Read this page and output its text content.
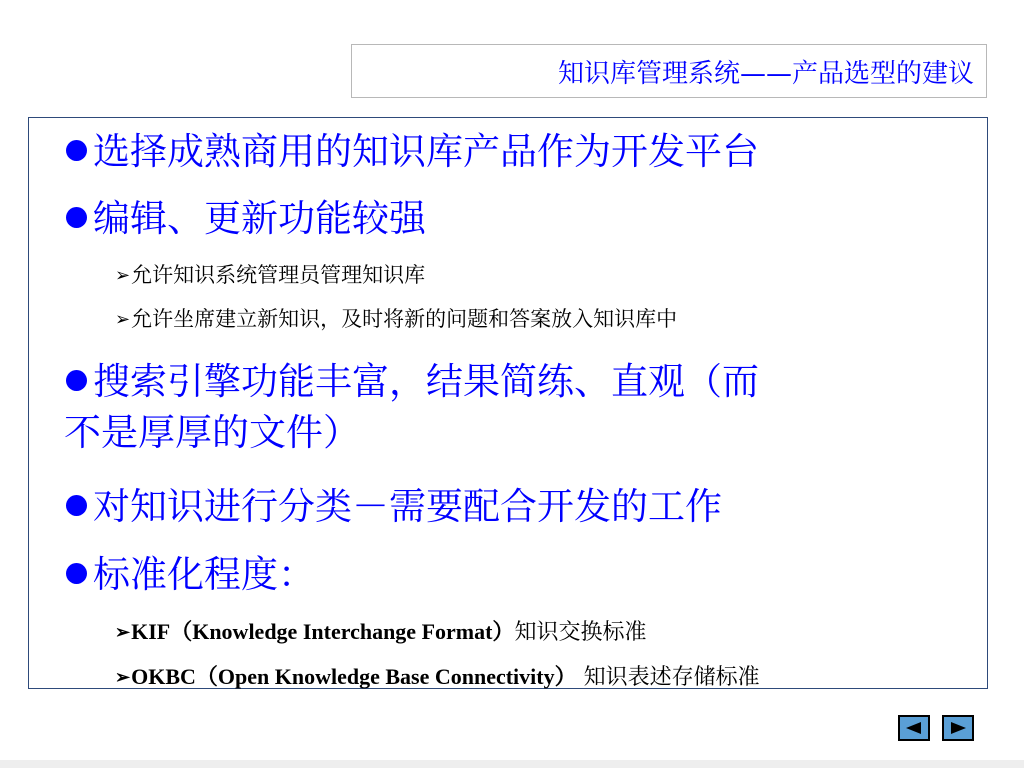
知识库管理系统——产品选型的建议
选择成熟商用的知识库产品作为开发平台
编辑、更新功能较强
➢允许知识系统管理员管理知识库
➢允许坐席建立新知识，及时将新的问题和答案放入知识库中
搜索引擎功能丰富，结果简练、直观（而
不是厚厚的文件）
对知识进行分类－需要配合开发的工作
标准化程度：
➢KIF（Knowledge Interchange Format）知识交换标准
➢OKBC（Open Knowledge Base Connectivity） 知识表述存储标准
